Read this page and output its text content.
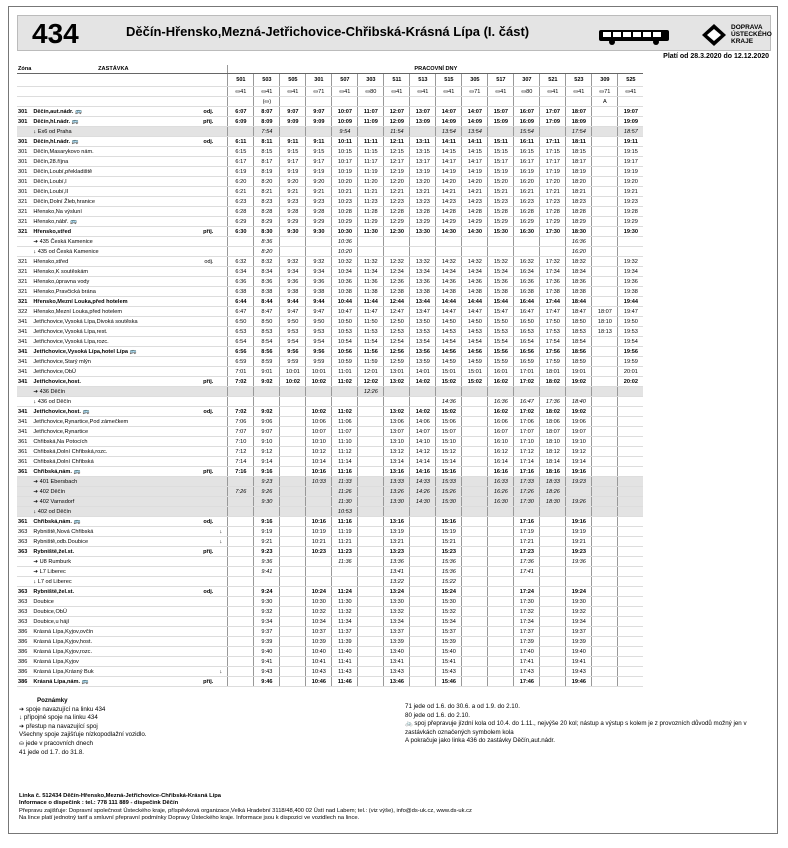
434	Děčín-Hřensko,Mezná-Jetřichovice-Chřibská-Krásná Lípa (I. část)	DOPRAVA
ÚSTECKÉHO
KRAJE
Platí od 28.3.2020 do 12.12.2020
Zóna	ZASTÁVKA			PRACOVNÍ DNY															
				501	503	505	301	507	303	511	513	515	305	517	307	521	523	309	525
				⛀41	⛀41	⛀41	⛀71	⛀41	⛀80	⛀41	⛀41	⛀41	⛀71	⛀41	⛀80	⛀41	⛀41	⛀71	⛀41
					(⛀)													A	
301	Děčín,aut.nádr. 🚌	odj.		6:07	8:07	9:07	9:07	10:07	11:07	12:07	13:07	14:07	14:07	15:07	16:07	17:07	18:07		19:07
301	Děčín,hl.nádr. 🚌	příj.		6:09	8:09	9:09	9:09	10:09	11:09	12:09	13:09	14:09	14:09	15:09	16:09	17:09	18:09		19:09
	↓ Ex6 od Praha				7:54			9:54		11:54		13:54	13:54		15:54		17:54		18:57
301	Děčín,hl.nádr. 🚌	odj.		6:11	8:11	9:11	9:11	10:11	11:11	12:11	13:11	14:11	14:11	15:11	16:11	17:11	18:11		19:11
301	Děčín,Masarykovo nám.			6:15	8:15	9:15	9:15	10:15	11:15	12:15	13:15	14:15	14:15	15:15	16:15	17:15	18:15		19:15
301	Děčín,28.října			6:17	8:17	9:17	9:17	10:17	11:17	12:17	13:17	14:17	14:17	15:17	16:17	17:17	18:17		19:17
301	Děčín,Loubí,překladiště			6:19	8:19	9:19	9:19	10:19	11:19	12:19	13:19	14:19	14:19	15:19	16:19	17:19	18:19		19:19
301	Děčín,Loubí,I			6:20	8:20	9:20	9:20	10:20	11:20	12:20	13:20	14:20	14:20	15:20	16:20	17:20	18:20		19:20
301	Děčín,Loubí,II			6:21	8:21	9:21	9:21	10:21	11:21	12:21	13:21	14:21	14:21	15:21	16:21	17:21	18:21		19:21
321	Děčín,Dolní Žleb,hranice			6:23	8:23	9:23	9:23	10:23	11:23	12:23	13:23	14:23	14:23	15:23	16:23	17:23	18:23		19:23
321	Hřensko,Na výsluní			6:28	8:28	9:28	9:28	10:28	11:28	12:28	13:28	14:28	14:28	15:28	16:28	17:28	18:28		19:28
321	Hřensko,nábř. 🚌			6:29	8:29	9:29	9:29	10:29	11:29	12:29	13:29	14:29	14:29	15:29	16:29	17:29	18:29		19:29
321	Hřensko,střed	příj.		6:30	8:30	9:30	9:30	10:30	11:30	12:30	13:30	14:30	14:30	15:30	16:30	17:30	18:30		19:30
	➔ 435 Česká Kamenice				8:36			10:36									16:36		
	↓ 435 od Česká Kamenice				8:20			10:20									16:20		
321	Hřensko,střed	odj.		6:32	8:32	9:32	9:32	10:32	11:32	12:32	13:32	14:32	14:32	15:32	16:32	17:32	18:32		19:32
321	Hřensko,K soutěskám			6:34	8:34	9:34	9:34	10:34	11:34	12:34	13:34	14:34	14:34	15:34	16:34	17:34	18:34		19:34
321	Hřensko,úpravna vody			6:36	8:36	9:36	9:36	10:36	11:36	12:36	13:36	14:36	14:36	15:36	16:36	17:36	18:36		19:36
321	Hřensko,Pravčická brána			6:38	8:38	9:38	9:38	10:38	11:38	12:38	13:38	14:38	14:38	15:38	16:38	17:38	18:38		19:38
321	Hřensko,Mezní Louka,před hotelem			6:44	8:44	9:44	9:44	10:44	11:44	12:44	13:44	14:44	14:44	15:44	16:44	17:44	18:44		19:44
322	Hřensko,Mezní Louka,před hotelem			6:47	8:47	9:47	9:47	10:47	11:47	12:47	13:47	14:47	14:47	15:47	16:47	17:47	18:47	18:07	19:47
341	Jetřichovice,Vysoká Lípa,Divoká soutěska			6:50	8:50	9:50	9:50	10:50	11:50	12:50	13:50	14:50	14:50	15:50	16:50	17:50	18:50	18:10	19:50
341	Jetřichovice,Vysoká Lípa,rest.			6:53	8:53	9:53	9:53	10:53	11:53	12:53	13:53	14:53	14:53	15:53	16:53	17:53	18:53	18:13	19:53
341	Jetřichovice,Vysoká Lípa,rozc.			6:54	8:54	9:54	9:54	10:54	11:54	12:54	13:54	14:54	14:54	15:54	16:54	17:54	18:54		19:54
341	Jetřichovice,Vysoká Lípa,hotel Lípa 🚌			6:56	8:56	9:56	9:56	10:56	11:56	12:56	13:56	14:56	14:56	15:56	16:56	17:56	18:56		19:56
341	Jetřichovice,Starý mlýn			6:59	8:59	9:59	9:59	10:59	11:59	12:59	13:59	14:59	14:59	15:59	16:59	17:59	18:59		19:59
341	Jetřichovice,ObÚ			7:01	9:01	10:01	10:01	11:01	12:01	13:01	14:01	15:01	15:01	16:01	17:01	18:01	19:01		20:01
341	Jetřichovice,host.	příj.		7:02	9:02	10:02	10:02	11:02	12:02	13:02	14:02	15:02	15:02	16:02	17:02	18:02	19:02		20:02
	➔ 436 Děčín								12:26										
	↓ 436 od Děčín											14:36		16:36	16:47	17:36	18:40		
341	Jetřichovice,host. 🚌	odj.		7:02	9:02		10:02	11:02		13:02	14:02	15:02		16:02	17:02	18:02	19:02		
341	Jetřichovice,Rynartice,Pod zámečkem			7:06	9:06		10:06	11:06		13:06	14:06	15:06		16:06	17:06	18:06	19:06		
341	Jetřichovice,Rynartice			7:07	9:07		10:07	11:07		13:07	14:07	15:07		16:07	17:07	18:07	19:07		
361	Chřibská,Na Potocích			7:10	9:10		10:10	11:10		13:10	14:10	15:10		16:10	17:10	18:10	19:10		
361	Chřibská,Dolní Chřibská,rozc.			7:12	9:12		10:12	11:12		13:12	14:12	15:12		16:12	17:12	18:12	19:12		
361	Chřibská,Dolní Chřibská			7:14	9:14		10:14	11:14		13:14	14:14	15:14		16:14	17:14	18:14	19:14		
361	Chřibská,nám. 🚌	příj.		7:16	9:16		10:16	11:16		13:16	14:16	15:16		16:16	17:16	18:16	19:16		
	➔ 401 Ebersbach				9:23		10:33	11:33		13:33	14:33	15:33		16:33	17:33	18:33	19:23		
	➔ 402 Děčín			7:26	9:26			11:26		13:26	14:26	15:26		16:26	17:26	18:26			
	➔ 402 Varnsdorf				9:30			11:30		13:30	14:30	15:30		16:30	17:30	18:30	19:26		
	↓ 402 od Děčín							10:53											
361	Chřibská,nám. 🚌	odj.			9:16		10:16	11:16		13:16		15:16			17:16		19:16		
363	Rybniště,Nová Chřibská		↓		9:19		10:19	11:19		13:19		15:19			17:19		19:19		
363	Rybniště,odb.Doubice		↓		9:21		10:21	11:21		13:21		15:21			17:21		19:21		
363	Rybniště,žel.st.	příj.			9:23		10:23	11:23		13:23		15:23			17:23		19:23		
	➔ U8 Rumburk				9:36			11:36		13:36		15:36			17:36		19:36		
	➔ L7 Liberec				9:41					13:41		15:36			17:41				
	↓ L7 od Liberec									13:22		15:22							
363	Rybniště,žel.st.	odj.			9:24		10:24	11:24		13:24		15:24			17:24		19:24		
363	Doubice				9:30		10:30	11:30		13:30		15:30			17:30		19:30		
363	Doubice,ObÚ				9:32		10:32	11:32		13:32		15:32			17:32		19:32		
363	Doubice,u hájí				9:34		10:34	11:34		13:34		15:34			17:34		19:34		
386	Krásná Lípa,Kyjov,ovčín				9:37		10:37	11:37		13:37		15:37			17:37		19:37		
386	Krásná Lípa,Kyjov,host.				9:39		10:39	11:39		13:39		15:39			17:39		19:39		
386	Krásná Lípa,Kyjov,rozc.				9:40		10:40	11:40		13:40		15:40			17:40		19:40		
386	Krásná Lípa,Kyjov				9:41		10:41	11:41		13:41		15:41			17:41		19:41		
386	Krásná Lípa,Krásný Buk		↓		9:43		10:43	11:43		13:43		15:43			17:43		19:43		
386	Krásná Lípa,nám. 🚌	příj.			9:46		10:46	11:46		13:46		15:46			17:46		19:46		
Poznámky
➔ spoje navazující na linku 434
↓ přípojné spoje na linku 434
➔ přestup na navazující spoj
Všechny spoje zajišťuje nízkopodlažní vozidlo.
⛀ jede v pracovních dnech
41 jede od 1.7. do 31.8.
71 jede od 1.6. do 30.6. a od 1.9. do 2.10.
80 jede od 1.6. do 2.10.
🚲 spoj přepravuje jízdní kola od 10.4. do 1.11., nejvýše 20 kol; nástup a výstup s kolem je z provozních důvodů možný jen v zastávkách označených symbolem kola
A pokračuje jako linka 436 do zastávky Děčín,aut.nádr.
Linka č. 512434 Děčín-Hřensko,Mezná-Jetřichovice-Chřibská-Krásná Lípa
Informace o dispečink : tel.: 778 111 889 - dispečink Děčín
Přepravu zajišťuje: Dopravní společnost Ústeckého kraje, příspěvková organizace,Velká Hradební 3118/48,400 02 Ústí nad Labem; tel.: (viz výše), info@ds-uk.cz, www.ds-uk.cz
Na lince platí jednotný tarif a smluvní přepravní podmínky Dopravy Ústeckého kraje. Informace jsou k dispozici ve vozidlech na lince.
